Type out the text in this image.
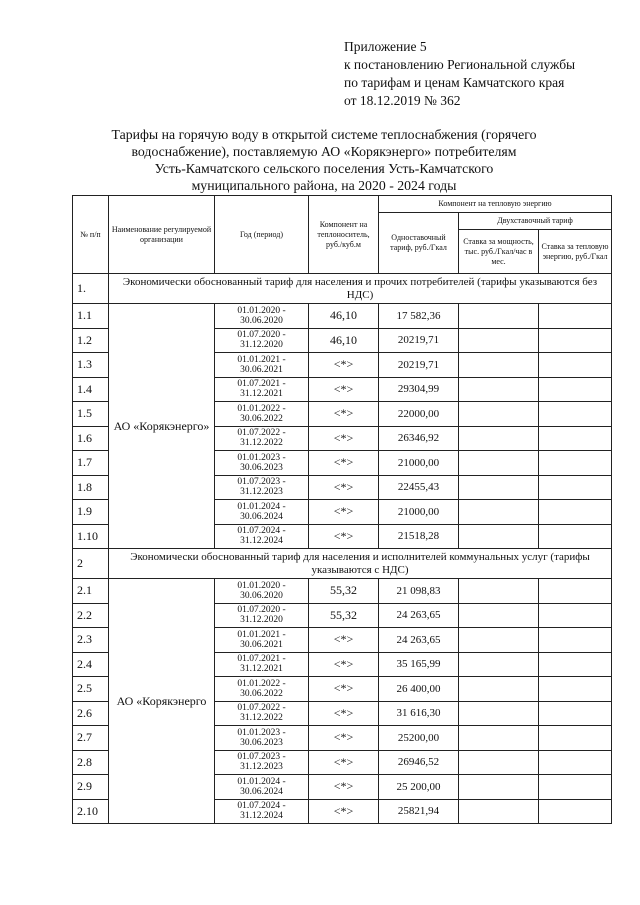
Приложение 5
к постановлению Региональной службы
по тарифам и ценам Камчатского края
от 18.12.2019 № 362
Тарифы на горячую воду в открытой системе теплоснабжения (горячего
водоснабжение), поставляемую АО «Корякэнерго» потребителям
Усть-Камчатского сельского поселения Усть-Камчатского
муниципального района, на 2020 - 2024 годы
№ п/п	Наименование регулируемой организации	Год (период)	Компонент на теплоноситель, руб./куб.м	Компонент на тепловую энергию		
				Одноставочный тариф, руб./Гкал	Двухставочный тариф	
					Ставка за мощность, тыс. руб./Гкал/час в мес.	Ставка за тепловую энергию, руб./Гкал
1.	Экономически обоснованный тариф для населения и прочих потребителей (тарифы указываются без НДС)					
1.1	АО «Корякэнерго»	01.01.2020 - 30.06.2020	46,10	17 582,36		
1.2		01.07.2020 - 31.12.2020	46,10	20219,71		
1.3		01.01.2021 - 30.06.2021	<*>	20219,71		
1.4		01.07.2021 - 31.12.2021	<*>	29304,99		
1.5		01.01.2022 - 30.06.2022	<*>	22000,00		
1.6		01.07.2022 - 31.12.2022	<*>	26346,92		
1.7		01.01.2023 - 30.06.2023	<*>	21000,00		
1.8		01.07.2023 - 31.12.2023	<*>	22455,43		
1.9		01.01.2024 - 30.06.2024	<*>	21000,00		
1.10		01.07.2024 - 31.12.2024	<*>	21518,28		
2	Экономически обоснованный тариф для населения и исполнителей коммунальных услуг (тарифы указываются с НДС)					
2.1	АО «Корякэнерго	01.01.2020 - 30.06.2020	55,32	21 098,83		
2.2		01.07.2020 - 31.12.2020	55,32	24 263,65		
2.3		01.01.2021 - 30.06.2021	<*>	24 263,65		
2.4		01.07.2021 - 31.12.2021	<*>	35 165,99		
2.5		01.01.2022 - 30.06.2022	<*>	26 400,00		
2.6		01.07.2022 - 31.12.2022	<*>	31 616,30		
2.7		01.01.2023 - 30.06.2023	<*>	25200,00		
2.8		01.07.2023 - 31.12.2023	<*>	26946,52		
2.9		01.01.2024 - 30.06.2024	<*>	25 200,00		
2.10		01.07.2024 - 31.12.2024	<*>	25821,94		
